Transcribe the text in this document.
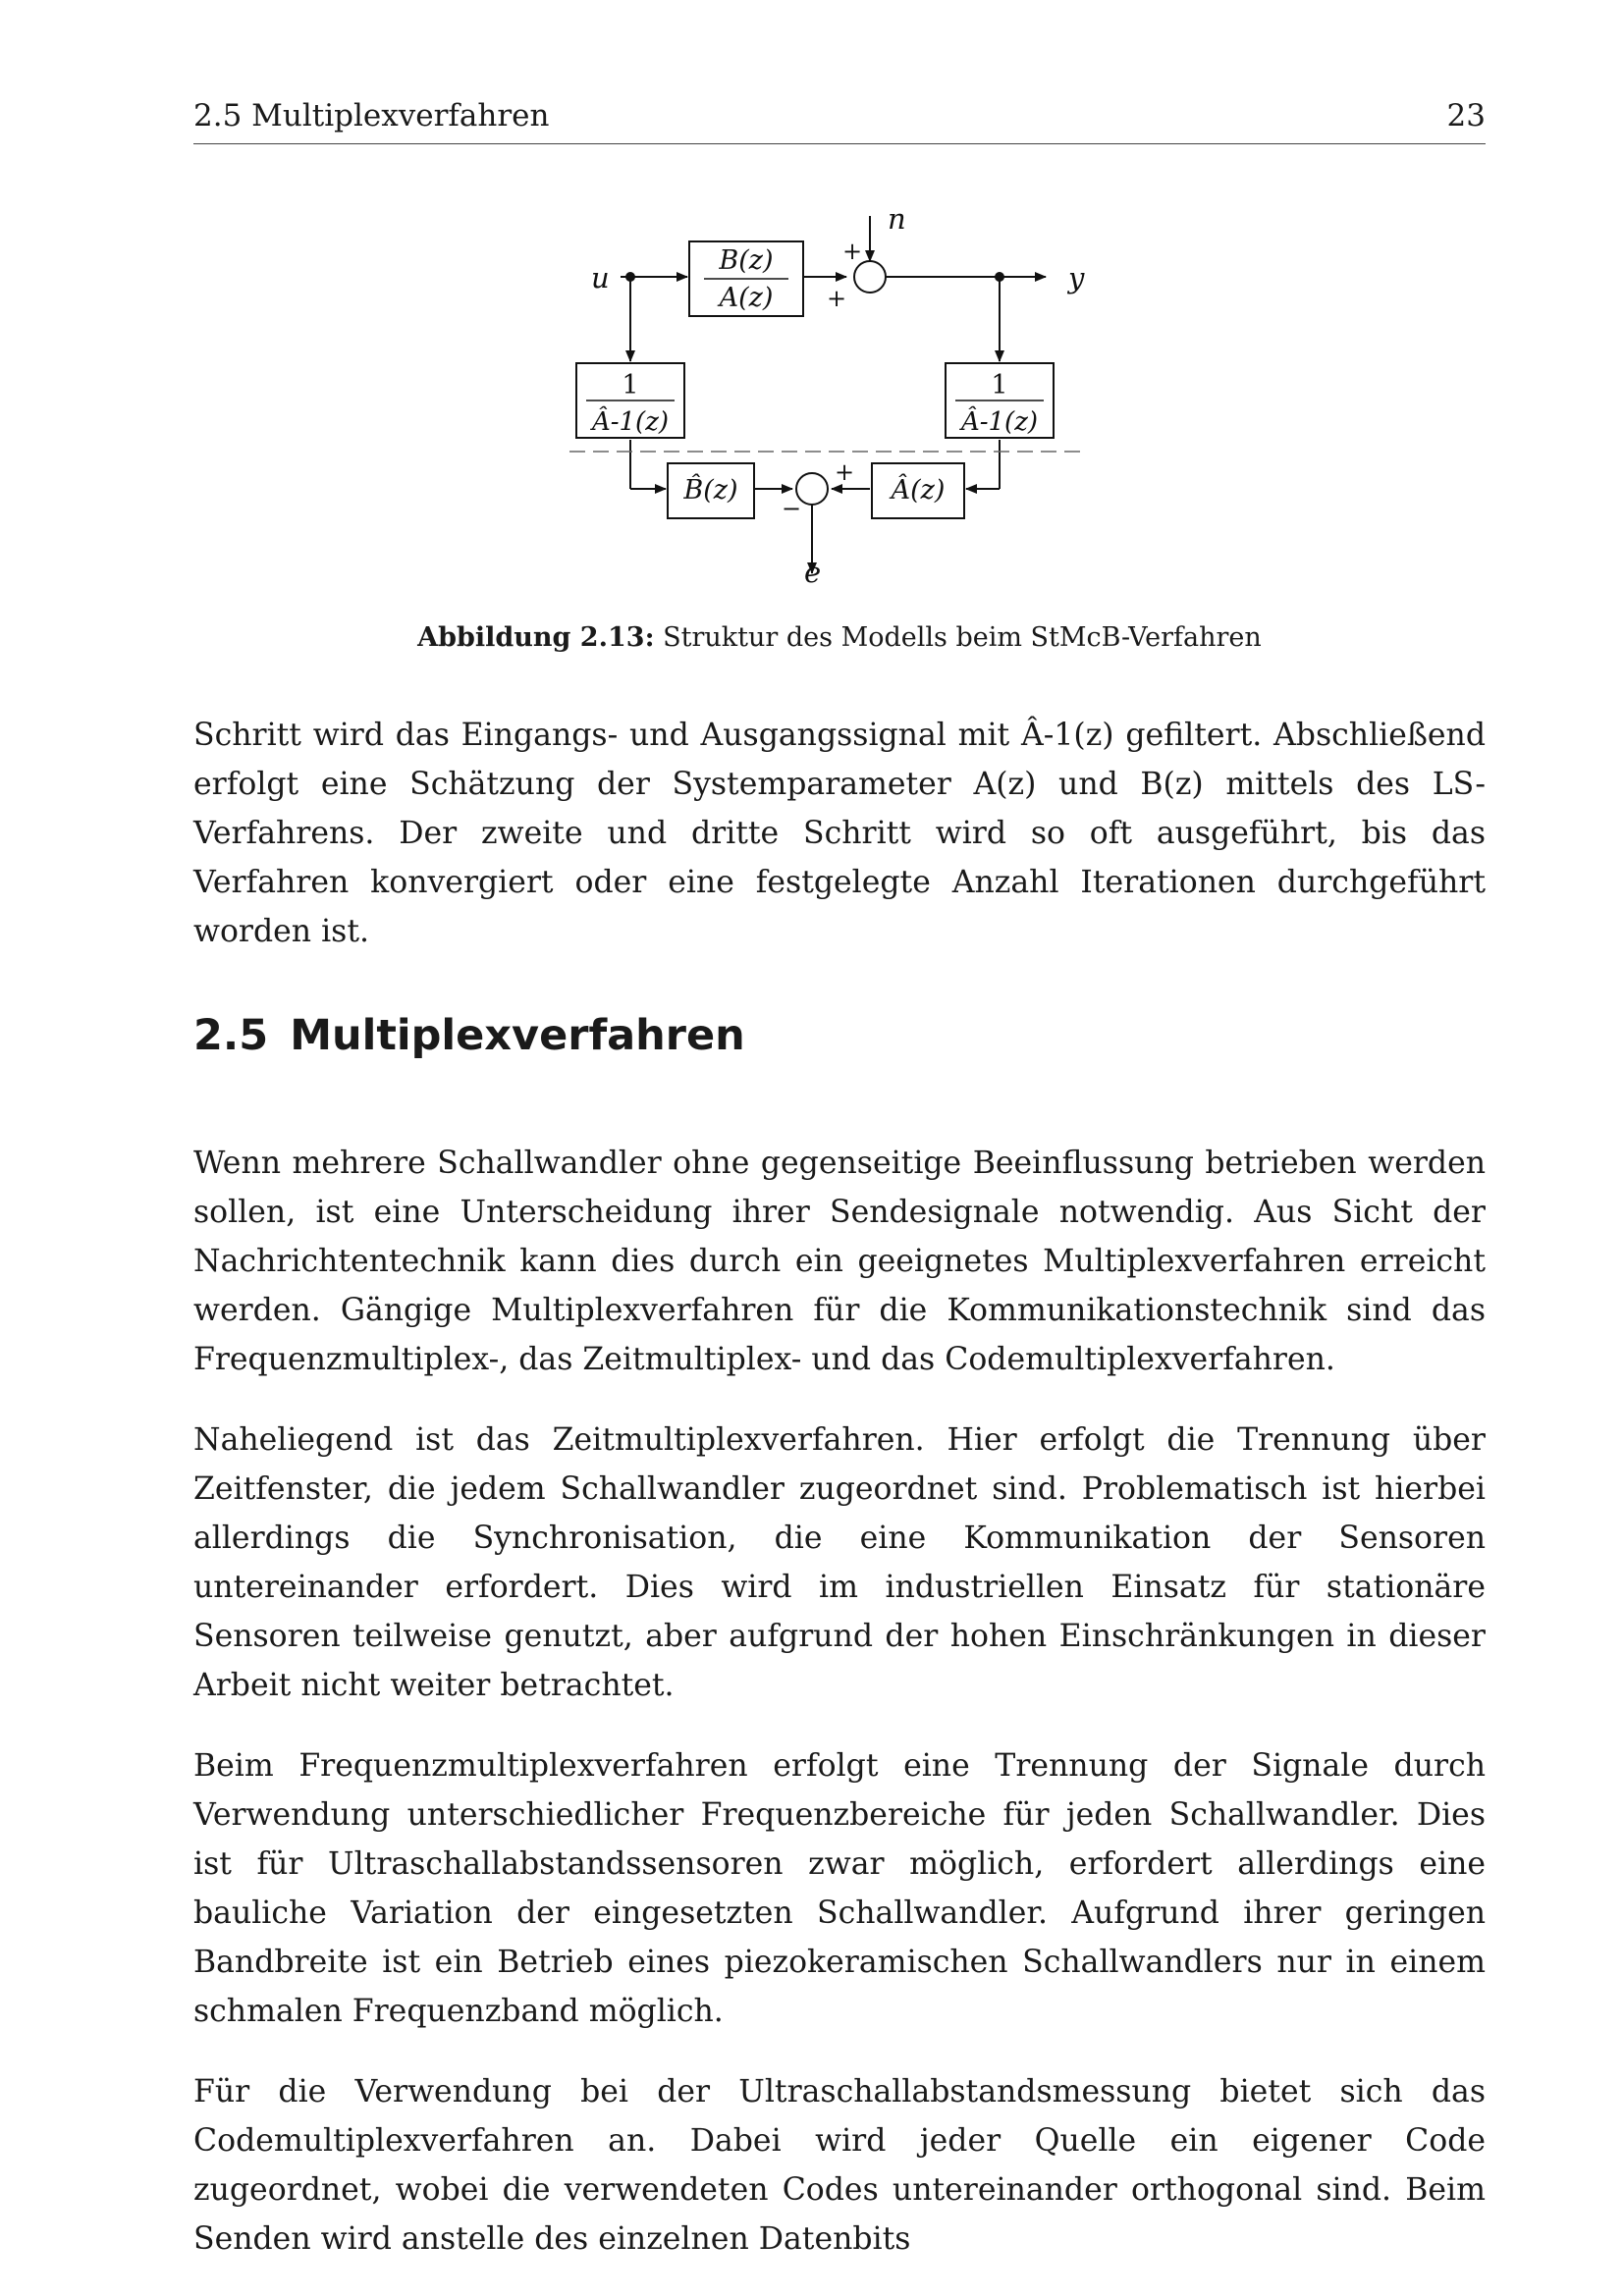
2.5 Multiplexverfahren	23
u	y
n
e
B(z)
A(z)
1
Â-1(z)
1
Â-1(z)
B̂(z)	Â(z)
+
+
+
−
Abbildung 2.13: Struktur des Modells beim StMcB-Verfahren

Schritt wird das Eingangs- und Ausgangssignal mit Â-1(z) gefiltert. Abschließend erfolgt eine Schätzung der Systemparameter A(z) und B(z) mittels des LS-Verfahrens. Der zweite und dritte Schritt wird so oft ausgeführt, bis das Verfahren konvergiert oder eine festgelegte Anzahl Iterationen durchgeführt worden ist.

2.5 Multiplexverfahren

Wenn mehrere Schallwandler ohne gegenseitige Beeinflussung betrieben werden sollen, ist eine Unterscheidung ihrer Sendesignale notwendig. Aus Sicht der Nachrichtentechnik kann dies durch ein geeignetes Multiplexverfahren erreicht werden. Gängige Multiplexverfahren für die Kommunikationstechnik sind das Frequenzmultiplex-, das Zeitmultiplex- und das Codemultiplexverfahren.

Naheliegend ist das Zeitmultiplexverfahren. Hier erfolgt die Trennung über Zeitfenster, die jedem Schallwandler zugeordnet sind. Problematisch ist hierbei allerdings die Synchronisation, die eine Kommunikation der Sensoren untereinander erfordert. Dies wird im industriellen Einsatz für stationäre Sensoren teilweise genutzt, aber aufgrund der hohen Einschränkungen in dieser Arbeit nicht weiter betrachtet.

Beim Frequenzmultiplexverfahren erfolgt eine Trennung der Signale durch Verwendung unterschiedlicher Frequenzbereiche für jeden Schallwandler. Dies ist für Ultraschallabstandssensoren zwar möglich, erfordert allerdings eine bauliche Variation der eingesetzten Schallwandler. Aufgrund ihrer geringen Bandbreite ist ein Betrieb eines piezokeramischen Schallwandlers nur in einem schmalen Frequenzband möglich.

Für die Verwendung bei der Ultraschallabstandsmessung bietet sich das Codemultiplexverfahren an. Dabei wird jeder Quelle ein eigener Code zugeordnet, wobei die verwendeten Codes untereinander orthogonal sind. Beim Senden wird anstelle des einzelnen Datenbits
